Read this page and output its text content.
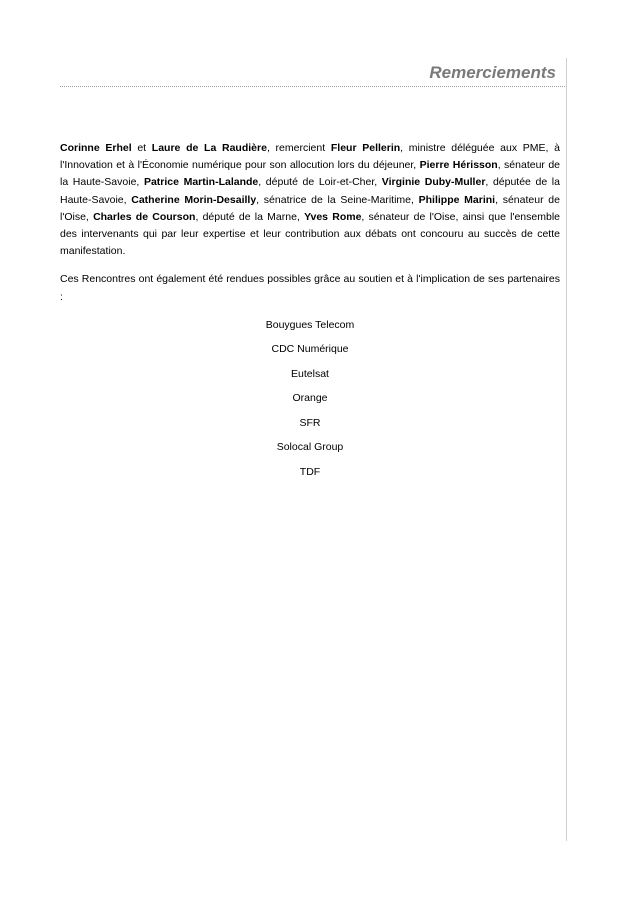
Remerciements

Corinne Erhel et Laure de La Raudière, remercient Fleur Pellerin, ministre déléguée aux PME, à l'Innovation et à l'Économie numérique pour son allocution lors du déjeuner, Pierre Hérisson, sénateur de la Haute-Savoie, Patrice Martin-Lalande, député de Loir-et-Cher, Virginie Duby-Muller, députée de la Haute-Savoie, Catherine Morin-Desailly, sénatrice de la Seine-Maritime, Philippe Marini, sénateur de l'Oise, Charles de Courson, député de la Marne, Yves Rome, sénateur de l'Oise, ainsi que l'ensemble des intervenants qui par leur expertise et leur contribution aux débats ont concouru au succès de cette manifestation.

Ces Rencontres ont également été rendues possibles grâce au soutien et à l'implication de ses partenaires :

Bouygues Telecom
CDC Numérique
Eutelsat
Orange
SFR
Solocal Group
TDF
